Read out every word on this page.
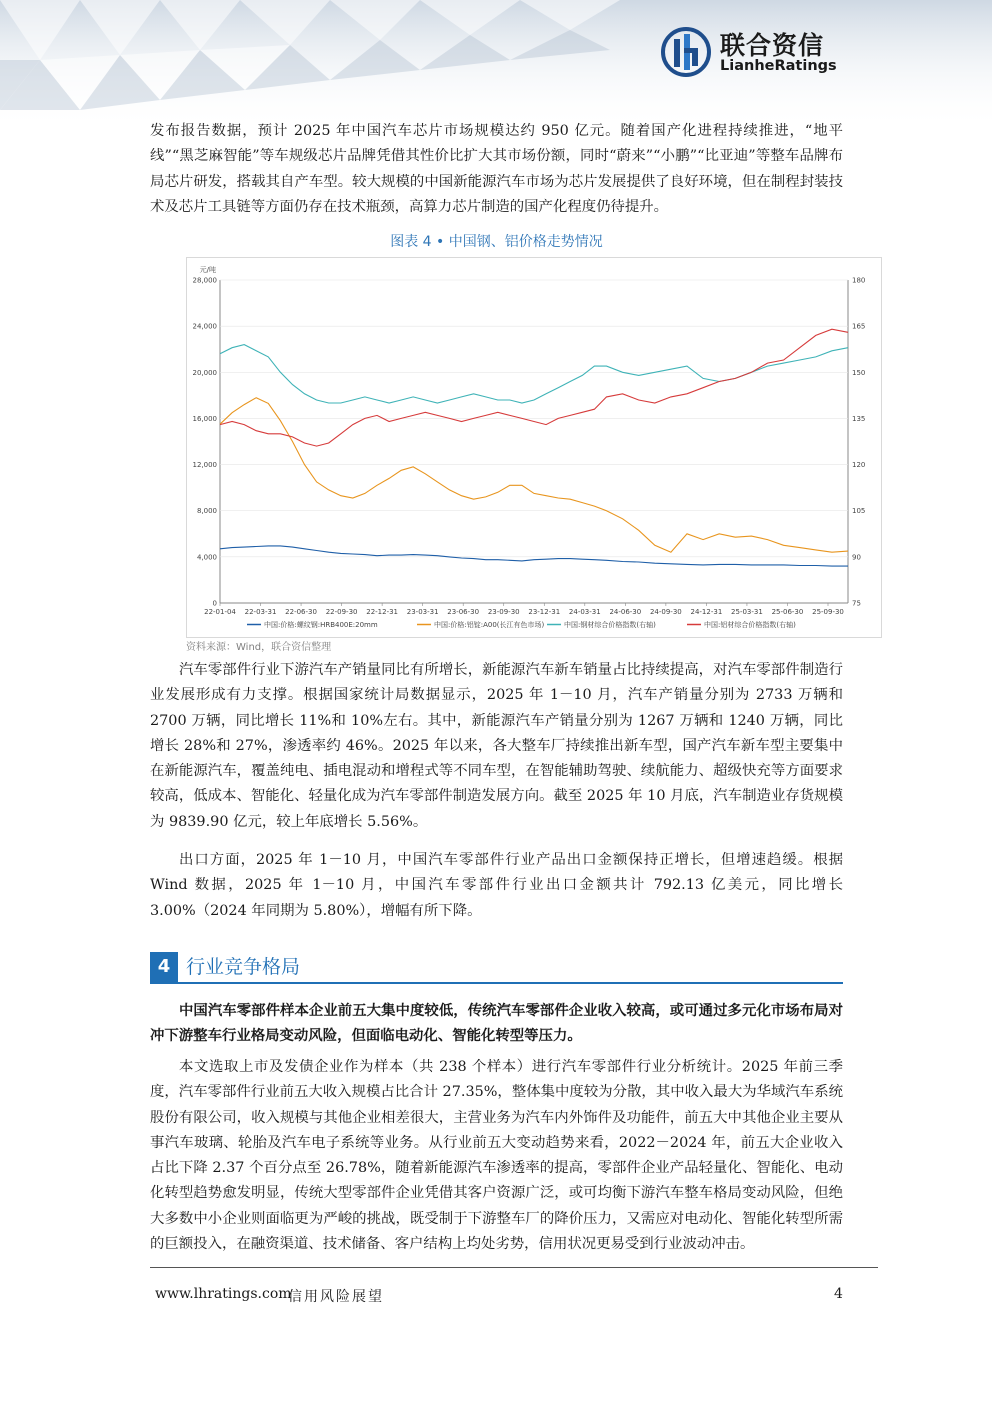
联合资信
LianheRatings

发布报告数据，预计 2025 年中国汽车芯片市场规模达约 950 亿元。随着国产化进程持续推进，“地平线”“黑芝麻智能”等车规级芯片品牌凭借其性价比扩大其市场份额，同时“蔚来”“小鹏”“比亚迪”等整车品牌布局芯片研发，搭载其自产车型。较大规模的中国新能源汽车市场为芯片发展提供了良好环境，但在制程封装技术及芯片工具链等方面仍存在技术瓶颈，高算力芯片制造的国产化程度仍待提升。

图表 4 • 中国钢、铝价格走势情况
0
4,000
8,000
12,000
16,000
20,000
24,000
28,000
75
90
105
120
135
150
165
180
元/吨
22-01-04 22-03-31 22-06-30 22-09-30 22-12-31 23-03-31 23-06-30 23-09-30 23-12-31 24-03-31 24-06-30 24-09-30 24-12-31 25-03-31 25-06-30 25-09-30
中国:价格:螺纹钢:HRB400E:20mm	中国:价格:铝锭:A00(长江有色市场)	中国:钢材综合价格指数(右轴)	中国:铝材综合价格指数(右轴)
资料来源：Wind，联合资信整理

汽车零部件行业下游汽车产销量同比有所增长，新能源汽车新车销量占比持续提高，对汽车零部件制造行业发展形成有力支撑。根据国家统计局数据显示，2025 年 1－10 月，汽车产销量分别为 2733 万辆和 2700 万辆，同比增长 11%和 10%左右。其中，新能源汽车产销量分别为 1267 万辆和 1240 万辆，同比增长 28%和 27%，渗透率约 46%。2025 年以来，各大整车厂持续推出新车型，国产汽车新车型主要集中在新能源汽车，覆盖纯电、插电混动和增程式等不同车型，在智能辅助驾驶、续航能力、超级快充等方面要求较高，低成本、智能化、轻量化成为汽车零部件制造发展方向。截至 2025 年 10 月底，汽车制造业存货规模为 9839.90 亿元，较上年底增长 5.56%。

出口方面，2025 年 1－10 月，中国汽车零部件行业产品出口金额保持正增长，但增速趋缓。根据 Wind 数据，2025 年 1－10 月，中国汽车零部件行业出口金额共计 792.13 亿美元，同比增长 3.00%（2024 年同期为 5.80%），增幅有所下降。

4 行业竞争格局

中国汽车零部件样本企业前五大集中度较低，传统汽车零部件企业收入较高，或可通过多元化市场布局对冲下游整车行业格局变动风险，但面临电动化、智能化转型等压力。

本文选取上市及发债企业作为样本（共 238 个样本）进行汽车零部件行业分析统计。2025 年前三季度，汽车零部件行业前五大收入规模占比合计 27.35%，整体集中度较为分散，其中收入最大为华域汽车系统股份有限公司，收入规模与其他企业相差很大，主营业务为汽车内外饰件及功能件，前五大中其他企业主要从事汽车玻璃、轮胎及汽车电子系统等业务。从行业前五大变动趋势来看，2022－2024 年，前五大企业收入占比下降 2.37 个百分点至 26.78%，随着新能源汽车渗透率的提高，零部件企业产品轻量化、智能化、电动化转型趋势愈发明显，传统大型零部件企业凭借其客户资源广泛，或可均衡下游汽车整车格局变动风险，但绝大多数中小企业则面临更为严峻的挑战，既受制于下游整车厂的降价压力，又需应对电动化、智能化转型所需的巨额投入，在融资渠道、技术储备、客户结构上均处劣势，信用状况更易受到行业波动冲击。

www.lhratings.com
信用风险展望	4
